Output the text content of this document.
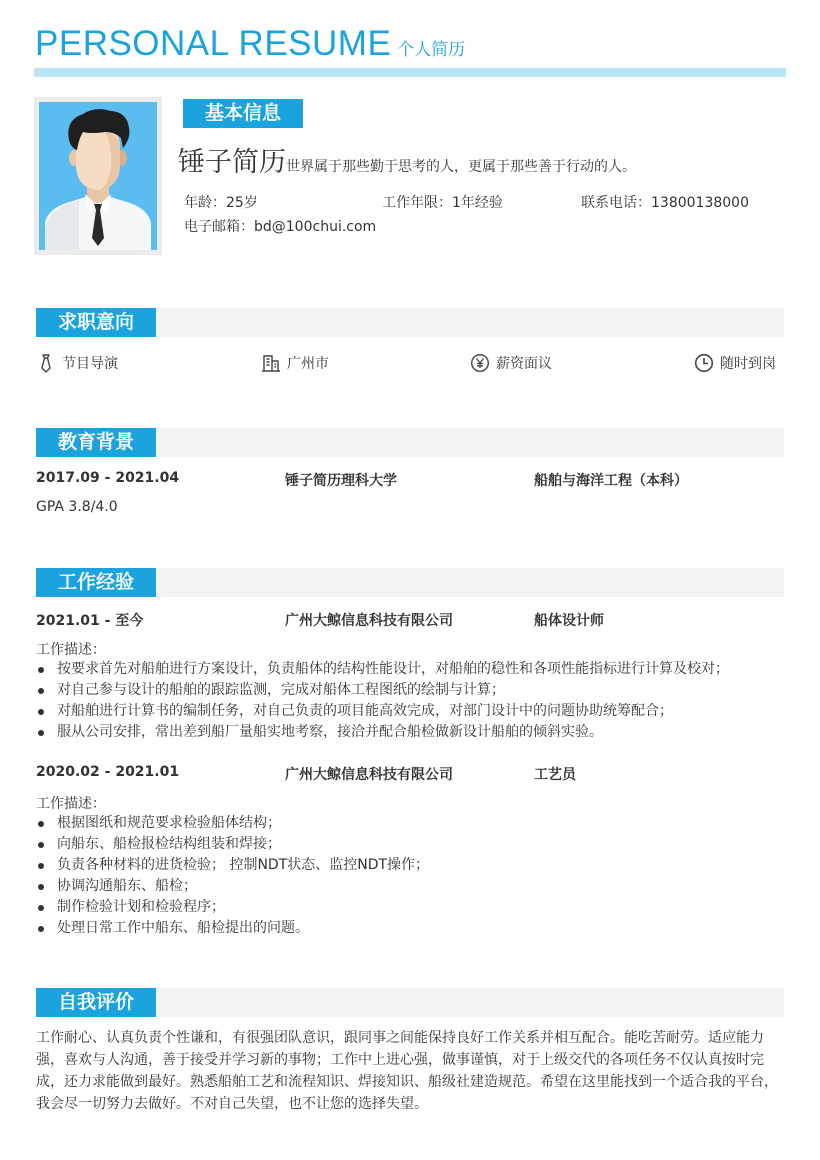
PERSONAL RESUME 个人简历
基本信息
锤子简历世界属于那些勤于思考的人，更属于那些善于行动的人。
年龄：25岁	工作年限：1年经验	联系电话：13800138000
电子邮箱：bd@100chui.com
求职意向
节目导演	广州市	薪资面议	随时到岗
教育背景
2017.09 - 2021.04	锤子简历理科大学	船舶与海洋工程（本科）
GPA 3.8/4.0
工作经验
2021.01 - 至今	广州大鲸信息科技有限公司	船体设计师
工作描述：
按要求首先对船舶进行方案设计，负责船体的结构性能设计，对船舶的稳性和各项性能指标进行计算及校对；
对自己参与设计的船舶的跟踪监测，完成对船体工程图纸的绘制与计算；
对船舶进行计算书的编制任务，对自己负责的项目能高效完成，对部门设计中的问题协助统筹配合；
服从公司安排，常出差到船厂量船实地考察，接洽并配合船检做新设计船舶的倾斜实验。
2020.02 - 2021.01	广州大鲸信息科技有限公司	工艺员
工作描述：
根据图纸和规范要求检验船体结构；
向船东、船检报检结构组装和焊接；
负责各种材料的进货检验； 控制NDT状态、监控NDT操作；
协调沟通船东、船检；
制作检验计划和检验程序；
处理日常工作中船东、船检提出的问题。
自我评价
工作耐心、认真负责个性谦和，有很强团队意识，跟同事之间能保持良好工作关系并相互配合。能吃苦耐劳。适应能力强，喜欢与人沟通，善于接受并学习新的事物；工作中上进心强，做事谨慎，对于上级交代的各项任务不仅认真按时完成，还力求能做到最好。熟悉船舶工艺和流程知识、焊接知识、船级社建造规范。希望在这里能找到一个适合我的平台，我会尽一切努力去做好。不对自己失望，也不让您的选择失望。
